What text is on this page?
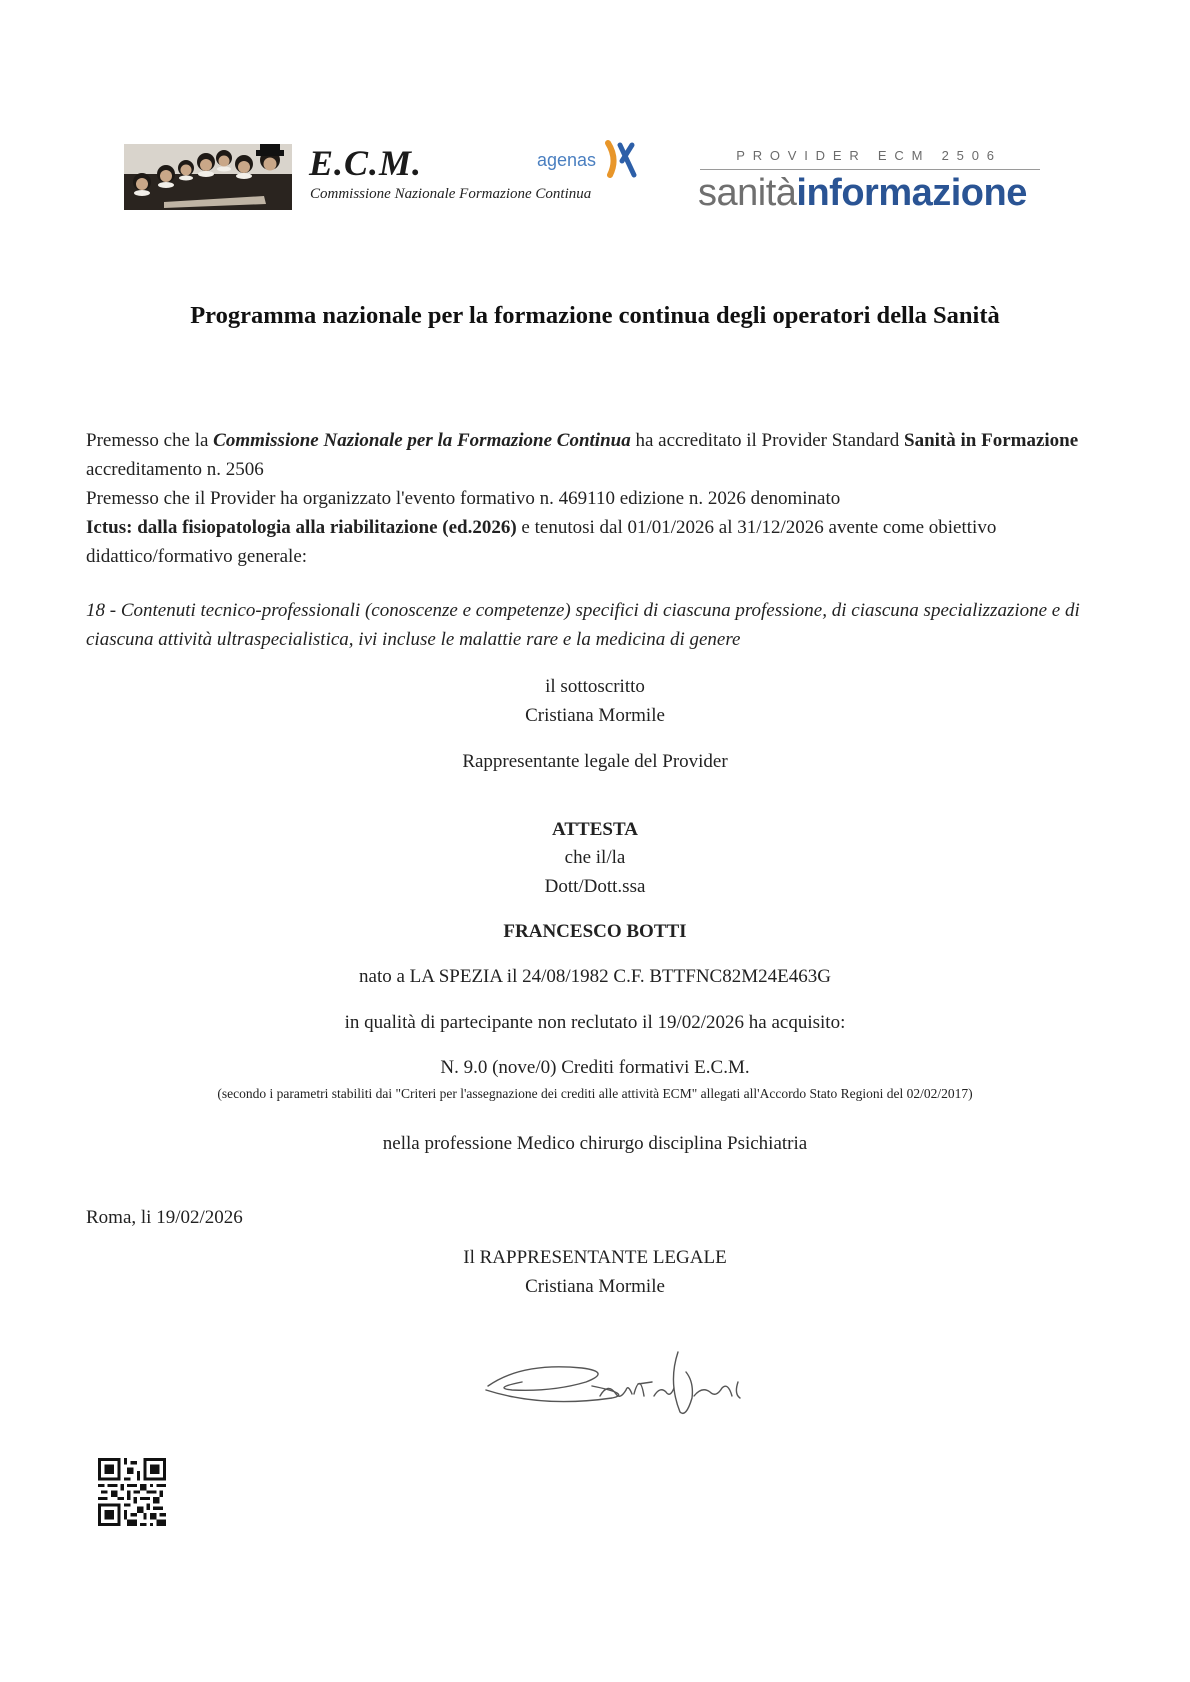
E.C.M.
Commissione Nazionale Formazione Continua
agenas	PROVIDER ECM 2506
sanitàinformazione
Programma nazionale per la formazione continua degli operatori della Sanità
Premesso che la Commissione Nazionale per la Formazione Continua ha accreditato il Provider Standard Sanità in Formazione accreditamento n. 2506
Premesso che il Provider ha organizzato l'evento formativo n. 469110 edizione n. 2026 denominato
Ictus: dalla fisiopatologia alla riabilitazione (ed.2026) e tenutosi dal 01/01/2026 al 31/12/2026 avente come obiettivo didattico/formativo generale:
18 - Contenuti tecnico-professionali (conoscenze e competenze) specifici di ciascuna professione, di ciascuna specializzazione e di ciascuna attività ultraspecialistica, ivi incluse le malattie rare e la medicina di genere
il sottoscritto
Cristiana Mormile
Rappresentante legale del Provider
ATTESTA
che il/la
Dott/Dott.ssa
FRANCESCO BOTTI
nato a LA SPEZIA il 24/08/1982 C.F. BTTFNC82M24E463G
in qualità di partecipante non reclutato il 19/02/2026 ha acquisito:
N. 9.0 (nove/0) Crediti formativi E.C.M.
(secondo i parametri stabiliti dai "Criteri per l'assegnazione dei crediti alle attività ECM" allegati all'Accordo Stato Regioni del 02/02/2017)
nella professione Medico chirurgo disciplina Psichiatria
Roma, li 19/02/2026
Il RAPPRESENTANTE LEGALE
Cristiana Mormile
